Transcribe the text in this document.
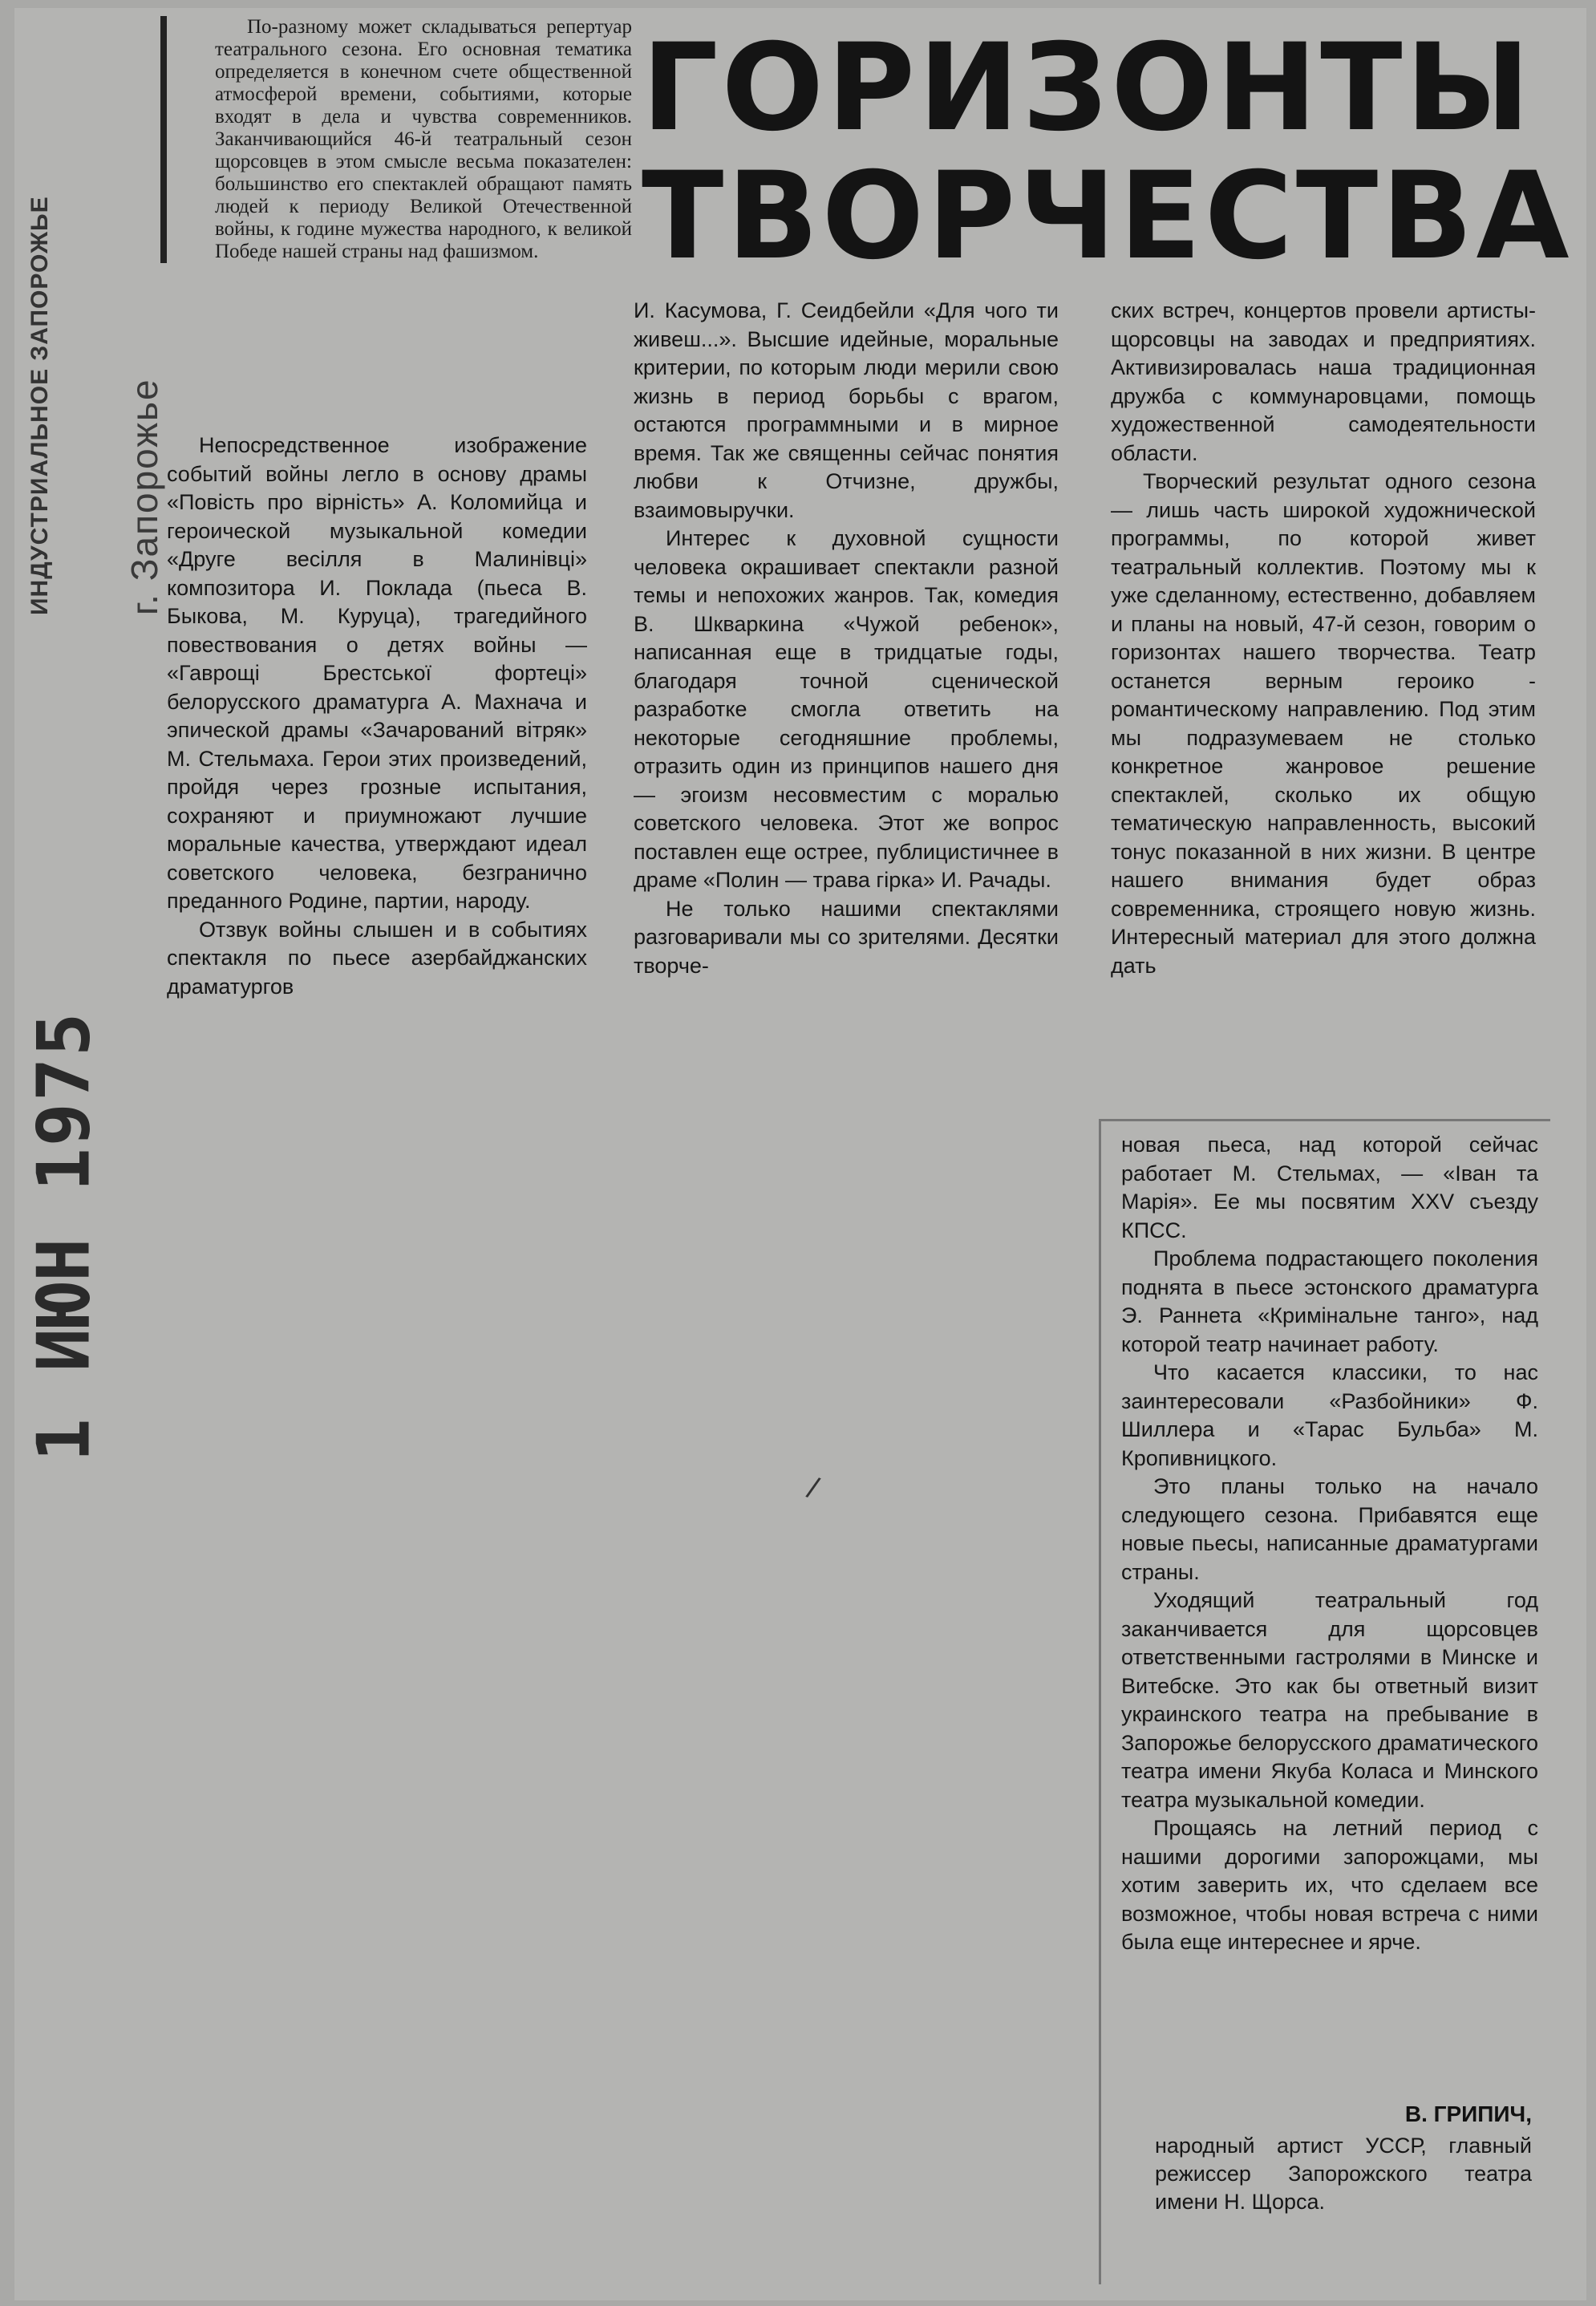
ИНДУСТРИАЛЬНОЕ ЗАПОРОЖЬЕ г. Запорожье
1 ИЮН 1975
По-разному может складываться репертуар театрального сезона. Его основная тематика определяется в конечном счете общественной атмосферой времени, событиями, которые входят в дела и чувства современников. Заканчивающийся 46-й театральный сезон щорсовцев в этом смысле весьма показателен: большинство его спектаклей обращают память людей к периоду Великой Отечественной войны, к године мужества народного, к великой Победе нашей страны над фашизмом.
ГОРИЗОНТЫ
ТВОРЧЕСТВА

Непосредственное изображение событий войны легло в основу драмы «Повість про вірність» А. Коломийца и героической музыкальной комедии «Друге весілля в Малинівці» композитора И. Поклада (пьеса В. Быкова, М. Куруца), трагедийного повествования о детях войны — «Гаврощі Брестської фортеці» белорусского драматурга А. Махнача и эпической драмы «Зачарований вітряк» М. Стельмаха. Герои этих произведений, пройдя через грозные испытания, сохраняют и приумножают лучшие моральные качества, утверждают идеал советского человека, безгранично преданного Родине, партии, народу.

Отзвук войны слышен и в событиях спектакля по пьесе азербайджанских драматургов

И. Касумова, Г. Сеидбейли «Для чого ти живеш...». Высшие идейные, моральные критерии, по которым люди мерили свою жизнь в период борьбы с врагом, остаются программными и в мирное время. Так же священны сейчас понятия любви к Отчизне, дружбы, взаимовыручки.

Интерес к духовной сущности человека окрашивает спектакли разной темы и непохожих жанров. Так, комедия В. Шкваркина «Чужой ребенок», написанная еще в тридцатые годы, благодаря точной сценической разработке смогла ответить на некоторые сегодняшние проблемы, отразить один из принципов нашего дня — эгоизм несовместим с моралью советского человека. Этот же вопрос поставлен еще острее, публицистичнее в драме «Полин — трава гірка» И. Рачады.

Не только нашими спектаклями разговаривали мы со зрителями. Десятки творче-

ских встреч, концертов провели артисты-щорсовцы на заводах и предприятиях. Активизировалась наша традиционная дружба с коммунаровцами, помощь художественной самодеятельности области.

Творческий результат одного сезона — лишь часть широкой художнической программы, по которой живет театральный коллектив. Поэтому мы к уже сделанному, естественно, добавляем и планы на новый, 47-й сезон, говорим о горизонтах нашего творчества. Театр останется верным героико - романтическому направлению. Под этим мы подразумеваем не столько конкретное жанровое решение спектаклей, сколько их общую тематическую направленность, высокий тонус показанной в них жизни. В центре нашего внимания будет образ современника, строящего новую жизнь. Интересный материал для этого должна дать

новая пьеса, над которой сейчас работает М. Стельмах, — «Іван та Марія». Ее мы посвятим XXV съезду КПСС.

Проблема подрастающего поколения поднята в пьесе эстонского драматурга Э. Раннета «Кримінальне танго», над которой театр начинает работу.

Что касается классики, то нас заинтересовали «Разбойники» Ф. Шиллера и «Тарас Бульба» М. Кропивницкого.

Это планы только на начало следующего сезона. Прибавятся еще новые пьесы, написанные драматургами страны.

Уходящий театральный год заканчивается для щорсовцев ответственными гастролями в Минске и Витебске. Это как бы ответный визит украинского театра на пребывание в Запорожье белорусского драматического театра имени Якуба Коласа и Минского театра музыкальной комедии.

Прощаясь на летний период с нашими дорогими запорожцами, мы хотим заверить их, что сделаем все возможное, чтобы новая встреча с ними была еще интереснее и ярче.

В. ГРИПИЧ,
народный артист УССР, главный режиссер Запорожского театра имени Н. Щорса.
/
